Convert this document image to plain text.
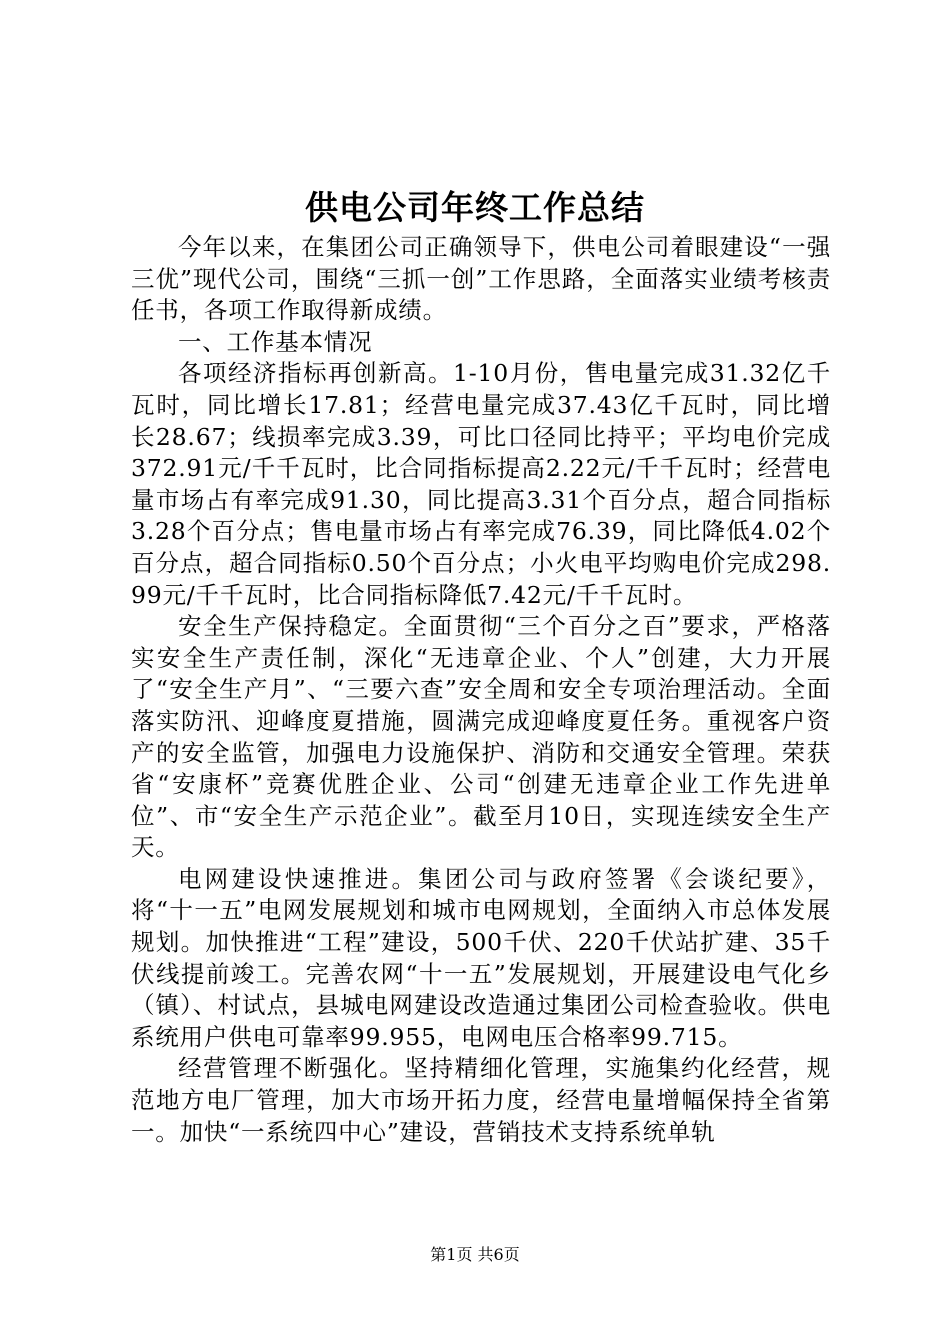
供电公司年终工作总结

今年以来，在集团公司正确领导下，供电公司着眼建设“一强三优”现代公司，围绕“三抓一创”工作思路，全面落实业绩考核责任书，各项工作取得新成绩。

一、工作基本情况

各项经济指标再创新高。1-10月份，售电量完成31.32亿千瓦时，同比增长17.81；经营电量完成37.43亿千瓦时，同比增长28.67；线损率完成3.39，可比口径同比持平；平均电价完成372.91元/千千瓦时，比合同指标提高2.22元/千千瓦时；经营电量市场占有率完成91.30，同比提高3.31个百分点，超合同指标3.28个百分点；售电量市场占有率完成76.39，同比降低4.02个百分点，超合同指标0.50个百分点；小火电平均购电价完成298.99元/千千瓦时，比合同指标降低7.42元/千千瓦时。

安全生产保持稳定。全面贯彻“三个百分之百”要求，严格落实安全生产责任制，深化“无违章企业、个人”创建，大力开展了“安全生产月”、“三要六查”安全周和安全专项治理活动。全面落实防汛、迎峰度夏措施，圆满完成迎峰度夏任务。重视客户资产的安全监管，加强电力设施保护、消防和交通安全管理。荣获省“安康杯”竞赛优胜企业、公司“创建无违章企业工作先进单位”、市“安全生产示范企业”。截至月10日，实现连续安全生产天。

电网建设快速推进。集团公司与政府签署《会谈纪要》，将“十一五”电网发展规划和城市电网规划，全面纳入市总体发展规划。加快推进“工程”建设，500千伏、220千伏站扩建、35千伏线提前竣工。完善农网“十一五”发展规划，开展建设电气化乡（镇）、村试点，县城电网建设改造通过集团公司检查验收。供电系统用户供电可靠率99.955，电网电压合格率99.715。

经营管理不断强化。坚持精细化管理，实施集约化经营，规范地方电厂管理，加大市场开拓力度，经营电量增幅保持全省第一。加快“一系统四中心”建设，营销技术支持系统单轨

第1页 共6页
